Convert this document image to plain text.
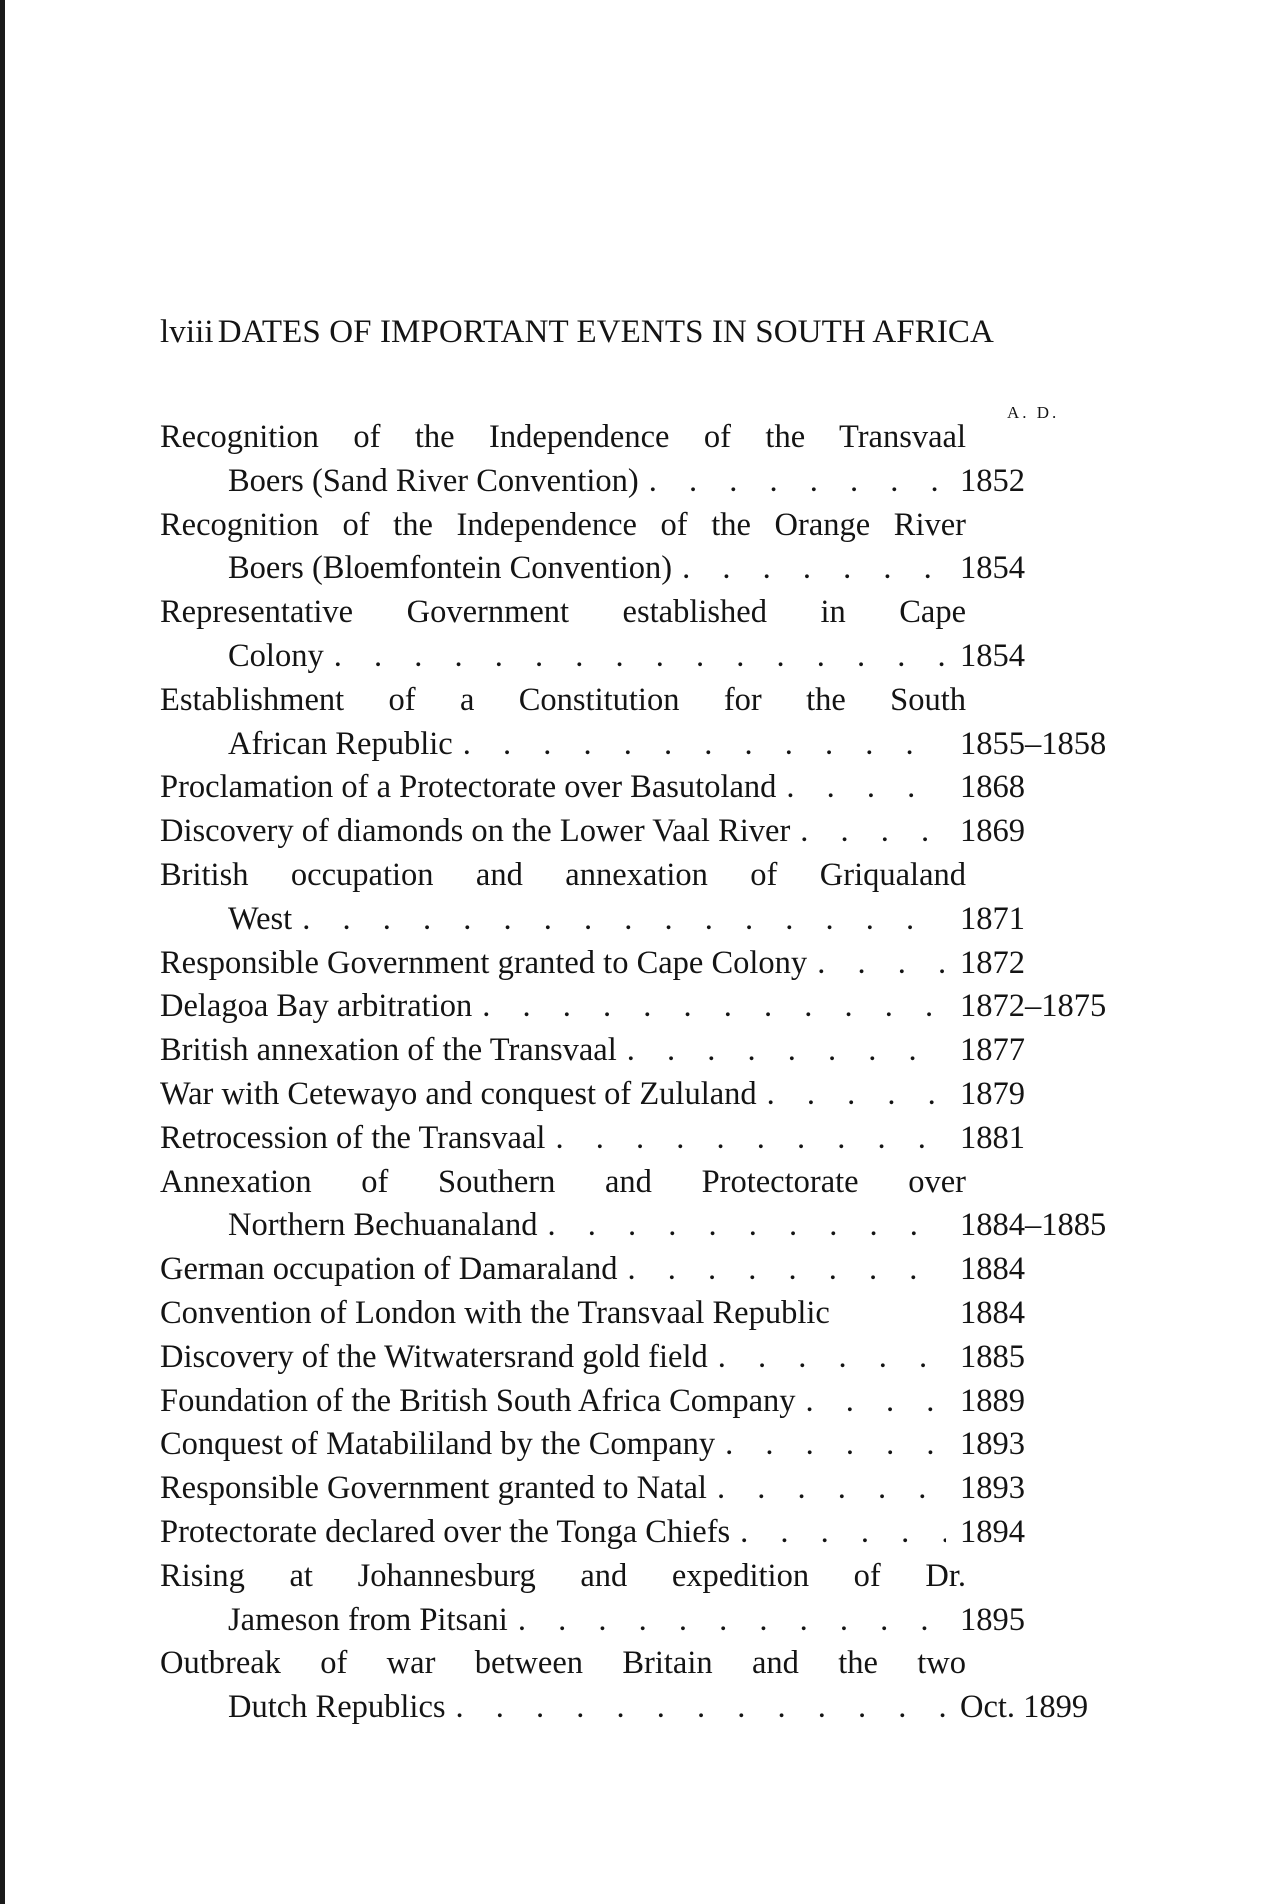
lviii DATES OF IMPORTANT EVENTS IN SOUTH AFRICA
A. D.
Recognition of the Independence of the Transvaal
Boers (Sand River Convention) . . .	1852
Recognition of the Independence of the Orange River
Boers (Bloemfontein Convention) . . .	1854
Representative Government established in Cape
Colony . . .	1854
Establishment of a Constitution for the South
African Republic . . .	1855–1858
Proclamation of a Protectorate over Basutoland . . .	1868
Discovery of diamonds on the Lower Vaal River . . .	1869
British occupation and annexation of Griqualand
West . . .	1871
Responsible Government granted to Cape Colony . . .	1872
Delagoa Bay arbitration . . .	1872–1875
British annexation of the Transvaal . . .	1877
War with Cetewayo and conquest of Zululand . . .	1879
Retrocession of the Transvaal . . .	1881
Annexation of Southern and Protectorate over
Northern Bechuanaland . . .	1884–1885
German occupation of Damaraland . . .	1884
Convention of London with the Transvaal Republic	1884
Discovery of the Witwatersrand gold field . . .	1885
Foundation of the British South Africa Company . . .	1889
Conquest of Matabililand by the Company . . .	1893
Responsible Government granted to Natal . . .	1893
Protectorate declared over the Tonga Chiefs . . .	1894
Rising at Johannesburg and expedition of Dr.
Jameson from Pitsani . . .	1895
Outbreak of war between Britain and the two
Dutch Republics . . .	Oct. 1899
